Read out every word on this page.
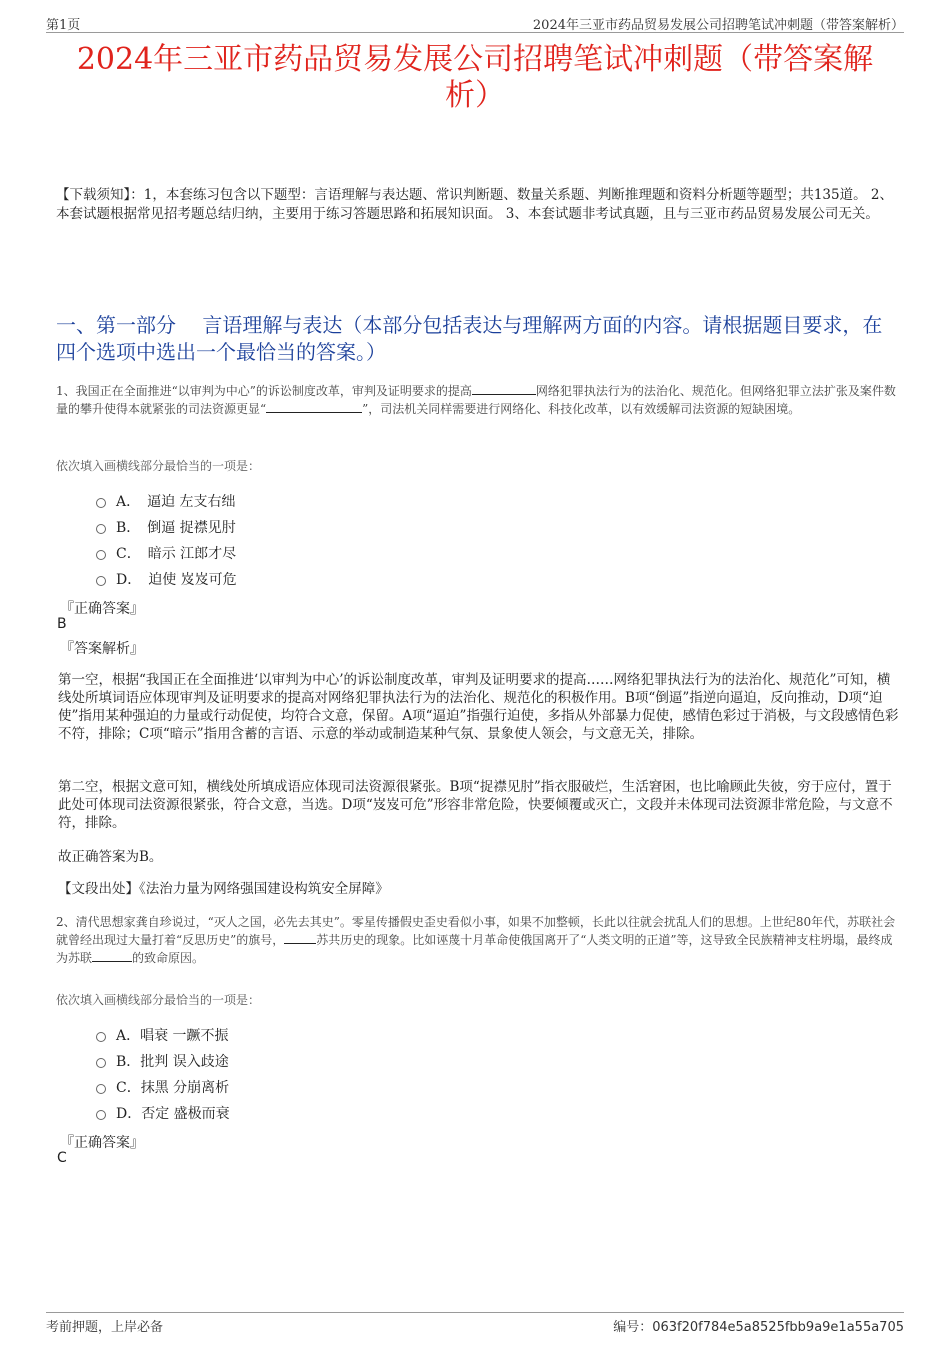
第1页	2024年三亚市药品贸易发展公司招聘笔试冲刺题（带答案解析）
2024年三亚市药品贸易发展公司招聘笔试冲刺题（带答案解析）
【下载须知】：1，本套练习包含以下题型：言语理解与表达题、常识判断题、数量关系题、判断推理题和资料分析题等题型；共135道。 2、本套试题根据常见招考题总结归纳，主要用于练习答题思路和拓展知识面。 3、本套试题非考试真题，且与三亚市药品贸易发展公司无关。
一、第一部分　 言语理解与表达（本部分包括表达与理解两方面的内容。请根据题目要求，在四个选项中选出一个最恰当的答案。）
1、我国正在全面推进“以审判为中心”的诉讼制度改革，审判及证明要求的提高	网络犯罪执法行为的法治化、规范化。但网络犯罪立法扩张及案件数量的攀升使得本就紧张的司法资源更显“	”，司法机关同样需要进行网络化、科技化改革，以有效缓解司法资源的短缺困境。
依次填入画横线部分最恰当的一项是：
A．　逼迫 左支右绌
B．　倒逼 捉襟见肘
C．　暗示 江郎才尽
D．　迫使 岌岌可危
『正确答案』
B
『答案解析』
第一空，根据“我国正在全面推进‘以审判为中心’的诉讼制度改革，审判及证明要求的提高……网络犯罪执法行为的法治化、规范化”可知，横线处所填词语应体现审判及证明要求的提高对网络犯罪执法行为的法治化、规范化的积极作用。B项“倒逼”指逆向逼迫，反向推动，D项“迫使”指用某种强迫的力量或行动促使，均符合文意，保留。A项“逼迫”指强行迫使，多指从外部暴力促使，感情色彩过于消极，与文段感情色彩不符，排除；C项“暗示”指用含蓄的言语、示意的举动或制造某种气氛、景象使人领会，与文意无关，排除。
第二空，根据文意可知，横线处所填成语应体现司法资源很紧张。B项“捉襟见肘”指衣服破烂，生活窘困，也比喻顾此失彼，穷于应付，置于此处可体现司法资源很紧张，符合文意，当选。D项“岌岌可危”形容非常危险，快要倾覆或灭亡，文段并未体现司法资源非常危险，与文意不符，排除。
故正确答案为B。
【文段出处】《法治力量为网络强国建设构筑安全屏障》
2、清代思想家龚自珍说过，“灭人之国，必先去其史”。零星传播假史歪史看似小事，如果不加整顿，长此以往就会扰乱人们的思想。上世纪80年代，苏联社会就曾经出现过大量打着“反思历史”的旗号，	苏共历史的现象。比如诬蔑十月革命使俄国离开了“人类文明的正道”等，这导致全民族精神支柱坍塌，最终成为苏联	的致命原因。
依次填入画横线部分最恰当的一项是：
A．唱衰 一蹶不振
B．批判 误入歧途
C．抹黑 分崩离析
D．否定 盛极而衰
『正确答案』
C
考前押题，上岸必备	编号：063f20f784e5a8525fbb9a9e1a55a705
